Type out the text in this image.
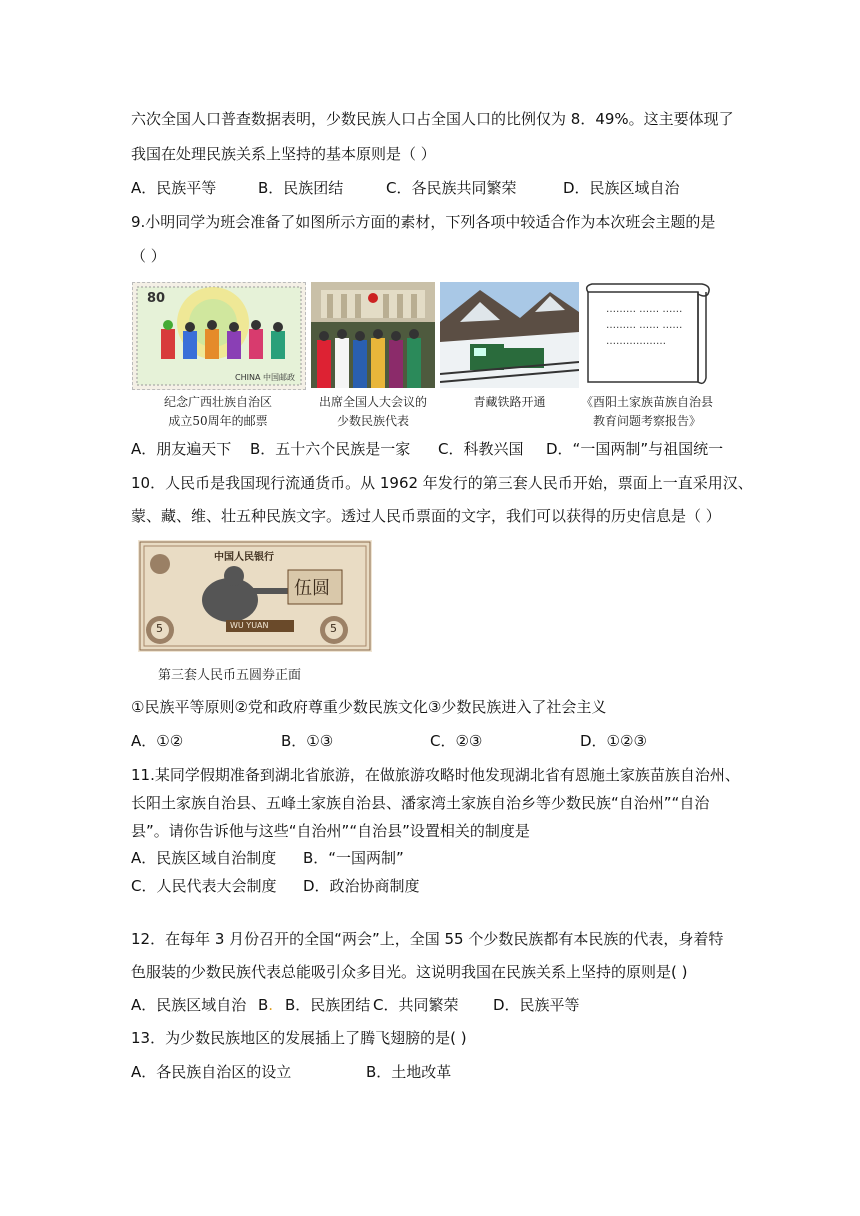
六次全国人口普查数据表明，少数民族人口占全国人口的比例仅为 8．49%。这主要体现了
我国在处理民族关系上坚持的基本原则是（ ）
A．民族平等	B．民族团结	C．各民族共同繁荣	D．民族区域自治
9.小明同学为班会准备了如图所示方面的素材，下列各项中较适合作为本次班会主题的是
（ ）
80
CHINA 中国邮政
纪念广西壮族自治区
成立50周年的邮票
出席全国人大会议的
少数民族代表
青藏铁路开通
……… …… ……
……… …… ……
………………
《酉阳土家族苗族自治县
教育问题考察报告》
A．朋友遍天下 B．五十六个民族是一家 C．科教兴国 D．“一国两制”与祖国统一
10．人民币是我国现行流通货币。从 1962 年发行的第三套人民币开始，票面上一直采用汉、
蒙、藏、维、壮五种民族文字。透过人民币票面的文字，我们可以获得的历史信息是（ ）
中国人民银行
伍圆
WU YUAN
5	5
第三套人民币五圆券正面
①民族平等原则②党和政府尊重少数民族文化③少数民族进入了社会主义
A．①②	B．①③	C．②③	D．①②③
11.某同学假期准备到湖北省旅游，在做旅游攻略时他发现湖北省有恩施土家族苗族自治州、
长阳土家族自治县、五峰土家族自治县、潘家湾土家族自治乡等少数民族“自治州”“自治
县”。请你告诉他与这些“自治州”“自治县”设置相关的制度是
A．民族区域自治制度 B．“一国两制”
C．人民代表大会制度 D．政治协商制度
12．在每年 3 月份召开的全国“两会”上，全国 55 个少数民族都有本民族的代表，身着特
色服装的少数民族代表总能吸引众多目光。这说明我国在民族关系上坚持的原则是( )
A．民族区域自治 B. B．民族团结 C．共同繁荣 D．民族平等
13．为少数民族地区的发展插上了腾飞翅膀的是( )
A．各民族自治区的设立	B．土地改革
